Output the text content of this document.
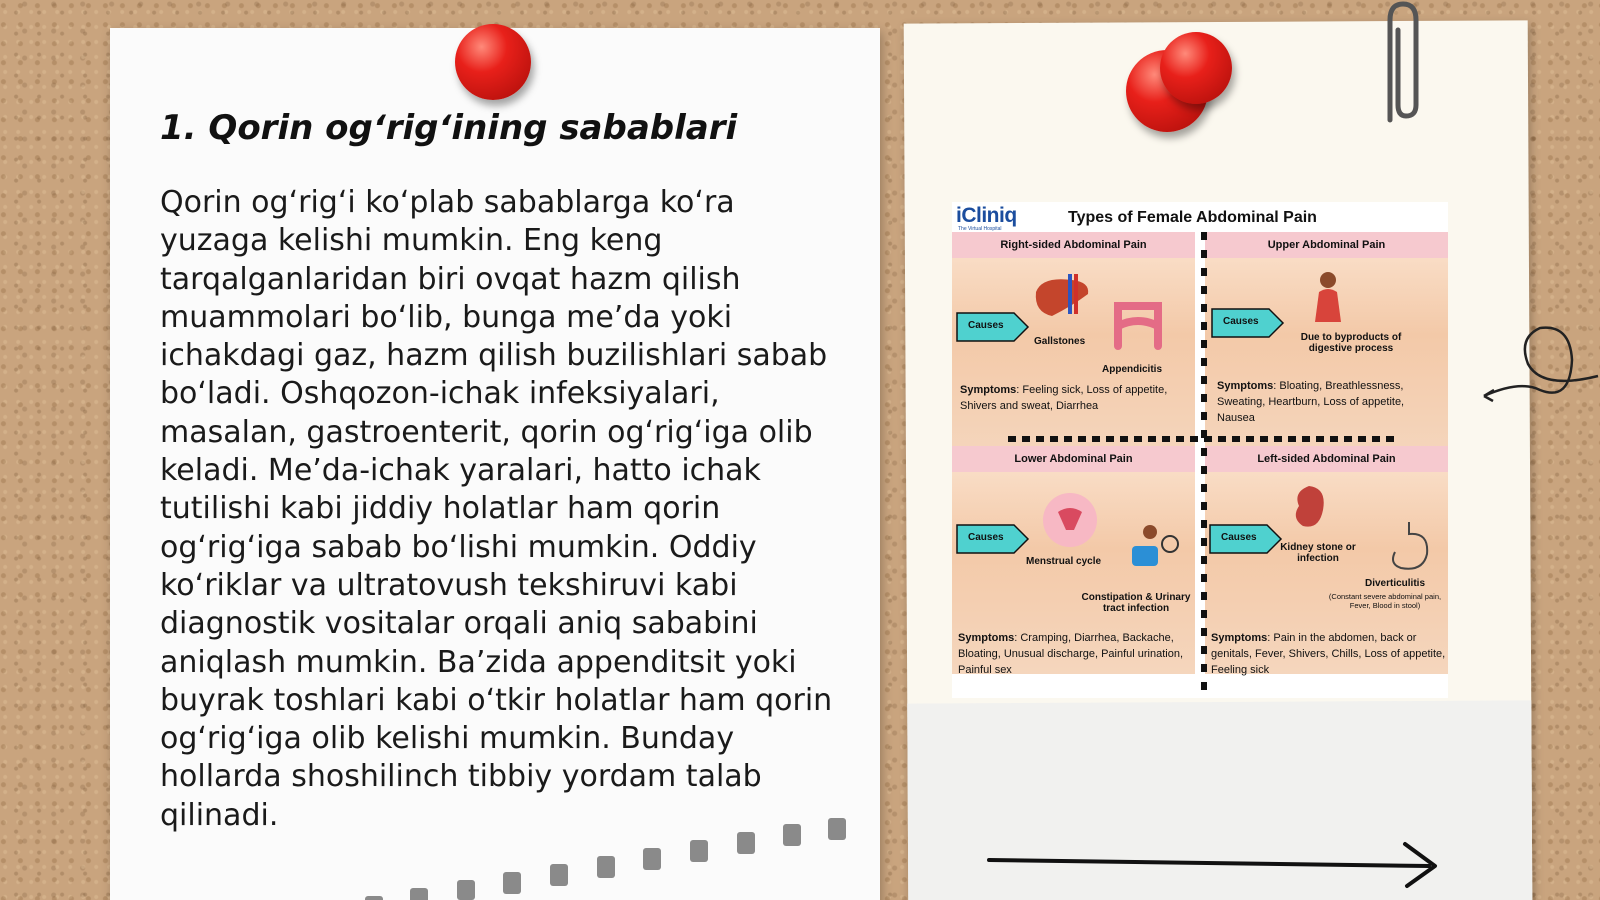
1. Qorin og‘rig‘ining sabablari

Qorin og‘rig‘i ko‘plab sabablarga ko‘ra yuzaga kelishi mumkin. Eng keng tarqalganlaridan biri ovqat hazm qilish muammolari bo‘lib, bunga me’da yoki ichakdagi gaz, hazm qilish buzilishlari sabab bo‘ladi. Oshqozon-ichak infeksiyalari, masalan, gastroenterit, qorin og‘rig‘iga olib keladi. Me’da-ichak yaralari, hatto ichak tutilishi kabi jiddiy holatlar ham qorin og‘rig‘iga sabab bo‘lishi mumkin. Oddiy ko‘riklar va ultratovush tekshiruvi kabi diagnostik vositalar orqali aniq sababini aniqlash mumkin. Ba’zida appenditsit yoki buyrak toshlari kabi o‘tkir holatlar ham qorin og‘rig‘iga olib kelishi mumkin. Bunday hollarda shoshilinch tibbiy yordam talab qilinadi.

iCliniq
The Virtual Hospital
Types of Female Abdominal Pain
Right-sided Abdominal Pain
Causes
Gallstones
Appendicitis

Symptoms: Feeling sick, Loss of appetite, Shivers and sweat, Diarrhea

Upper Abdominal Pain
Causes
Due to byproducts of digestive process

Symptoms: Bloating, Breathlessness, Sweating, Heartburn, Loss of appetite, Nausea

Lower Abdominal Pain
Causes
Menstrual cycle
Constipation & Urinary tract infection

Symptoms: Cramping, Diarrhea, Backache, Bloating, Unusual discharge, Painful urination, Painful sex

Left-sided Abdominal Pain
Causes
Kidney stone or infection
Diverticulitis
(Constant severe abdominal pain, Fever, Blood in stool)

Symptoms: Pain in the abdomen, back or genitals, Fever, Shivers, Chills, Loss of appetite, Feeling sick
